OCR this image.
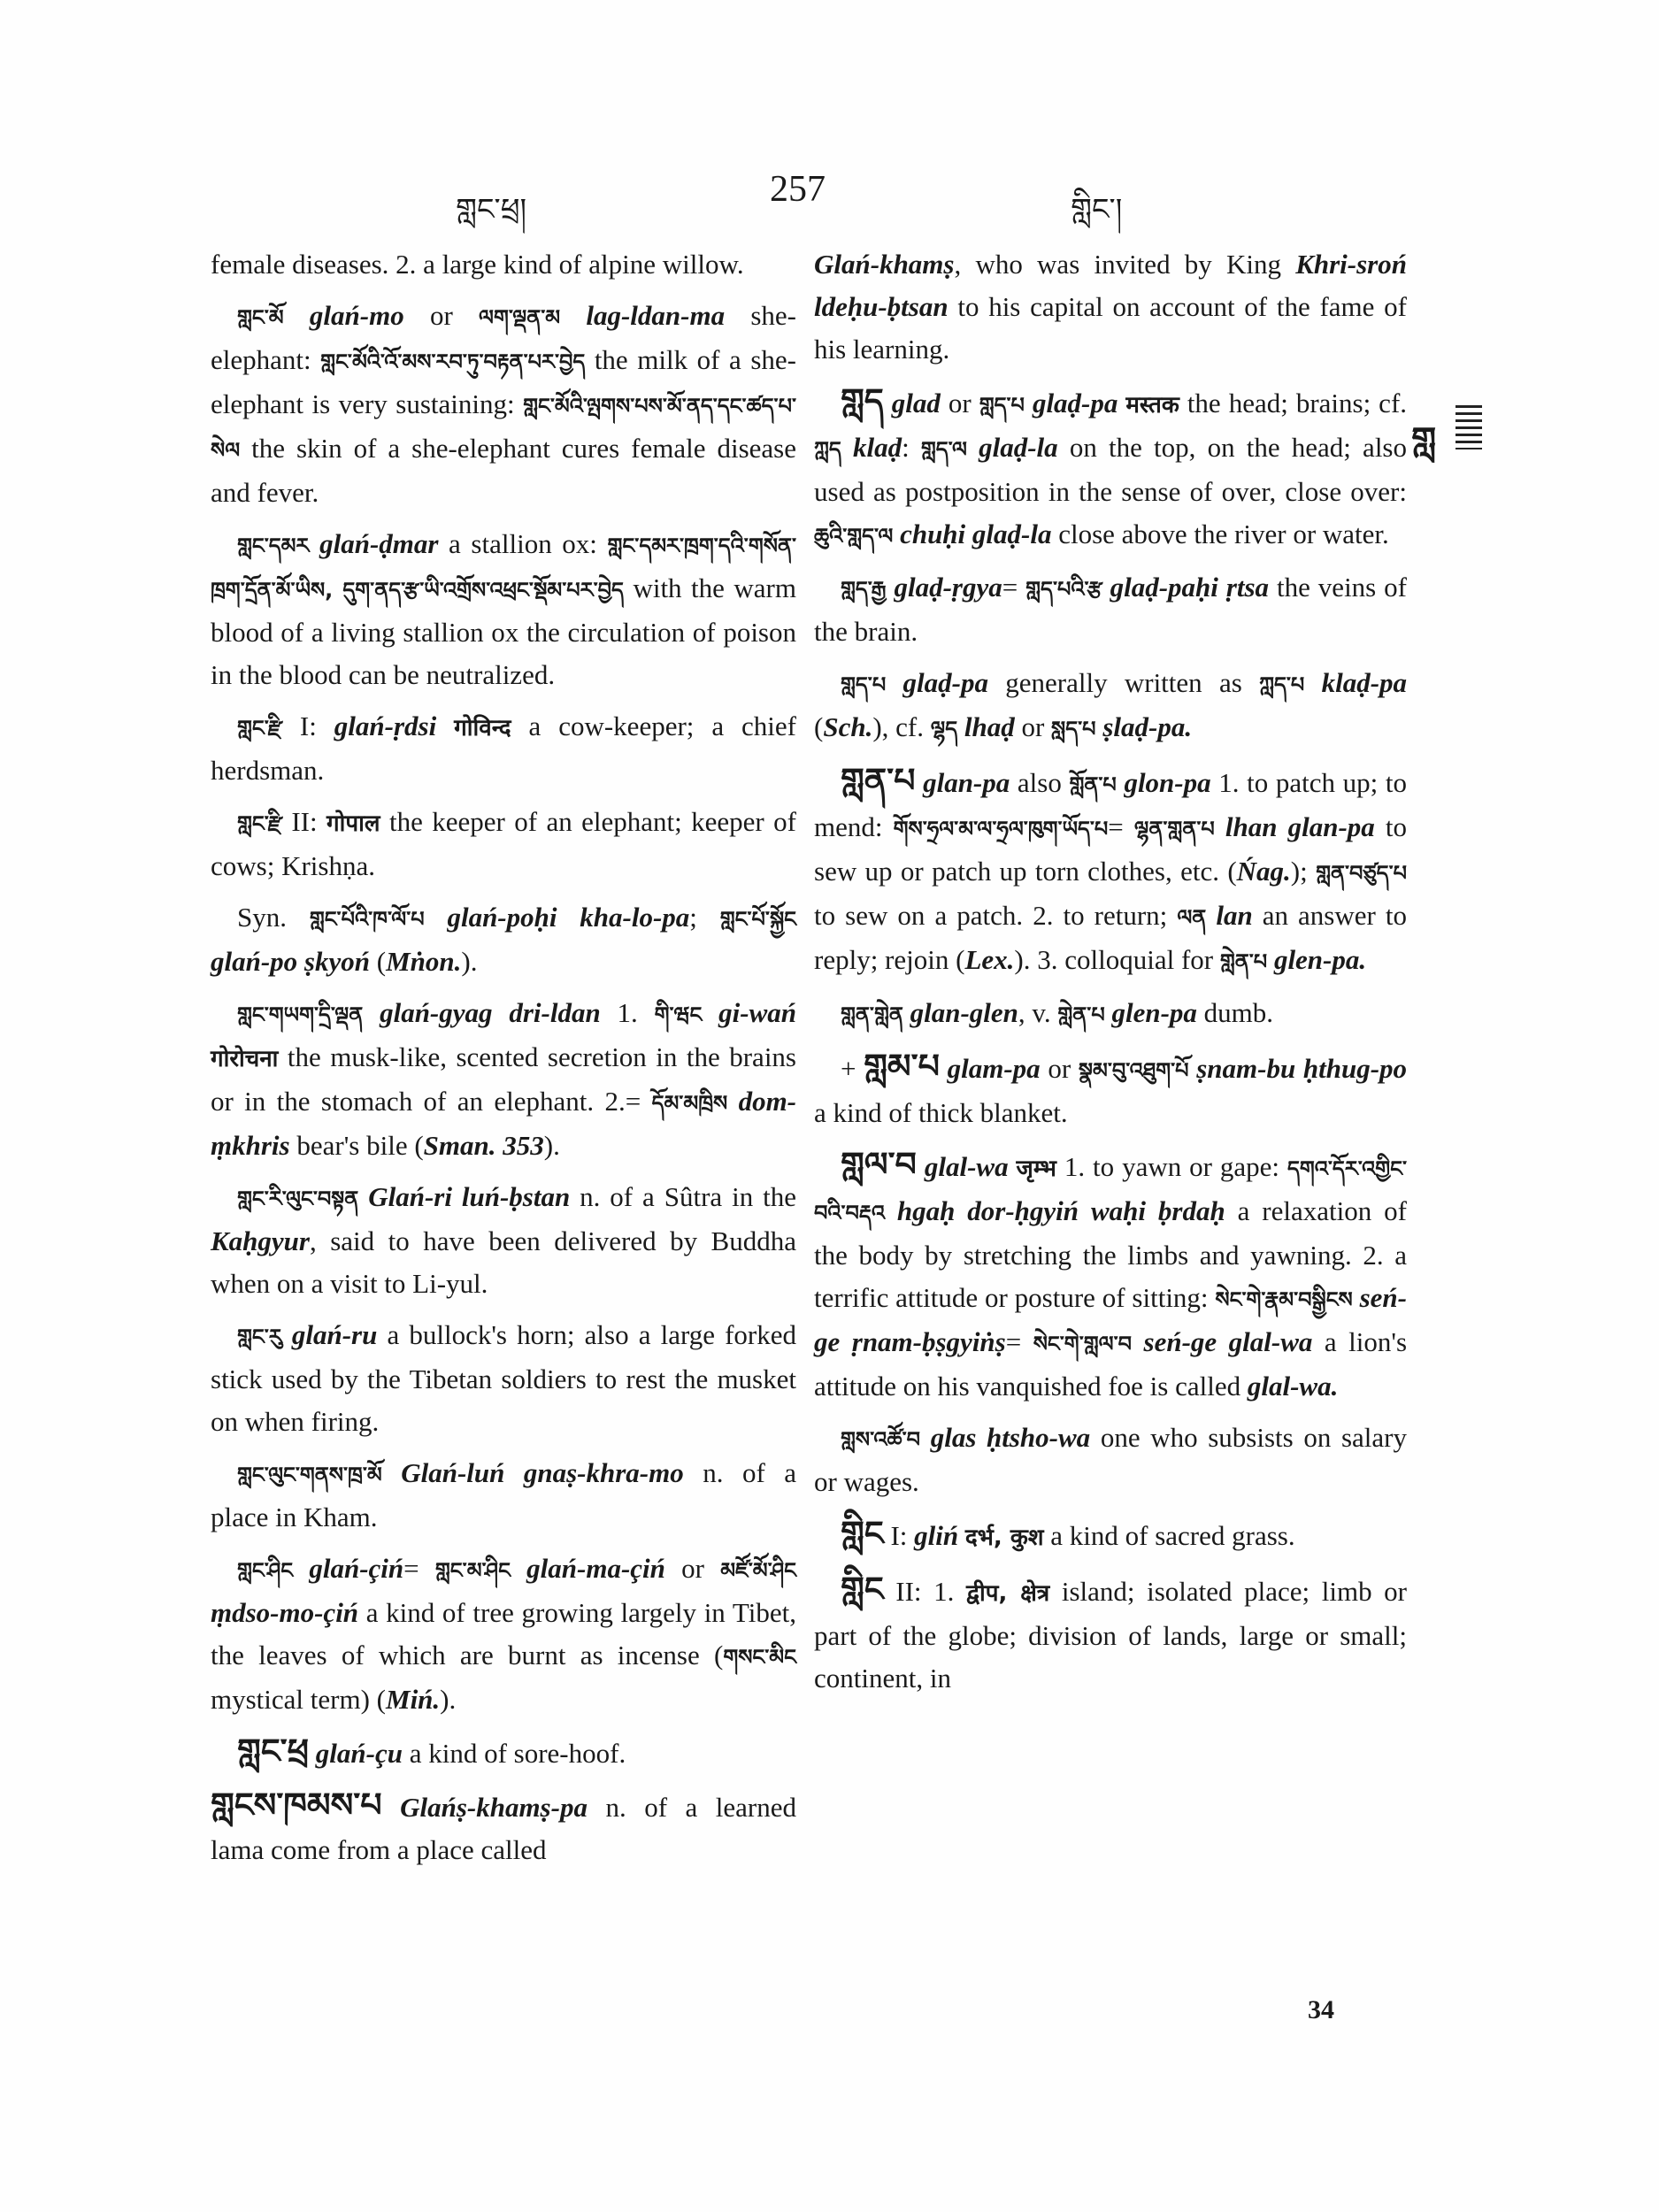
གླང་ཕྲ།	257	གླིང་།
གླ

female diseases. 2. a large kind of alpine willow.

གླང་མོ glań-mo or ལག་ལྡན་མ lag-ldan-ma she-elephant: གླང་མོའི་འོ་མས་རབ་ཏུ་བརྟན་པར་བྱེད the milk of a she-elephant is very sustaining: གླང་མོའི་ལྤགས་པས་མོ་ནད་དང་ཚད་པ་སེལ the skin of a she-elephant cures female disease and fever.

གླང་དམར glań-ḍmar a stallion ox: གླང་དམར་ཁྲག་དའི་གསོན་ཁྲག་དྲོན་མོ་ཡིས, དུག་ནད་རྩ་ཡི་འགྲོས་འཕྲང་སྡོམ་པར་བྱེད with the warm blood of a living stallion ox the circulation of poison in the blood can be neutralized.

གླང་རྫི I: glań-ṛdsi गोविन्द a cow-keeper; a chief herdsman.

གླང་རྫི II: गोपाल the keeper of an elephant; keeper of cows; Krishṇa.

Syn. གླང་པོའི་ཁ་ལོ་པ glań-poḥi kha-lo-pa; གླང་པོ་སྐྱོང glań-po ṣkyoń (Mṅon.).

གླང་གཡག་དྲི་ལྡན glań-gyag dri-ldan 1. གི་ཝང gi-wań गोरोचना the musk-like, scented secretion in the brains or in the stomach of an elephant. 2.= དོམ་མཁྲིས dom-ṃkhris bear's bile (Sman. 353).

གླང་རི་ལུང་བསྟན Glań-ri luń-ḅstan n. of a Sûtra in the Kaḥgyur, said to have been delivered by Buddha when on a visit to Li-yul.

གླང་རུ glań-ru a bullock's horn; also a large forked stick used by the Tibetan soldiers to rest the musket on when firing.

གླང་ལུང་གནས་ཁྲ་མོ Glań-luń gnaṣ-khra-mo n. of a place in Kham.

གླང་ཤིང glań-çiń= གླང་མ་ཤིང glań-ma-çiń or མཛོ་མོ་ཤིང ṃdso-mo-çiń a kind of tree growing largely in Tibet, the leaves of which are burnt as incense (གསང་མིང mystical term) (Miń.).

གླང་ཕྲ glań-çu a kind of sore-hoof.

གླངས་ཁམས་པ Glańṣ-khamṣ-pa n. of a learned lama come from a place called

Glań-khamṣ, who was invited by King Khri-sroń ldeḥu-ḅtsan to his capital on account of the fame of his learning.

གླད glad or གླད་པ glaḍ-pa मस्तक the head; brains; cf. ཀླད klaḍ: གླད་ལ glaḍ-la on the top, on the head; also used as postposition in the sense of over, close over: ཆུའི་གླད་ལ chuḥi glaḍ-la close above the river or water.

གླད་རྒྱ glaḍ-ṛgya= གླད་པའི་རྩ glaḍ-paḥi ṛtsa the veins of the brain.

གླད་པ glaḍ-pa generally written as ཀླད་པ klaḍ-pa (Sch.), cf. ལྷད lhaḍ or སླད་པ ṣlaḍ-pa.

གླན་པ glan-pa also གློན་པ glon-pa 1. to patch up; to mend: གོས་ཧྲལ་མ་ལ་ཧྲལ་ཁུག་ཡོད་པ= ལྷན་གླན་པ lhan glan-pa to sew up or patch up torn clothes, etc. (Ńag.); གླན་བཙུད་པ to sew on a patch. 2. to return; ལན lan an answer to reply; rejoin (Lex.). 3. colloquial for གླེན་པ glen-pa.

གླན་གླེན glan-glen, v. གླེན་པ glen-pa dumb.

+ གླམ་པ glam-pa or སྣམ་བུ་འཐུག་པོ ṣnam-bu ḥthug-po a kind of thick blanket.

གླལ་བ glal-wa जृम्भ 1. to yawn or gape: དགའ་དོར་འགྱིང་བའི་བརྡའ hgaḥ dor-ḥgyiń waḥi ḅrdaḥ a relaxation of the body by stretching the limbs and yawning. 2. a terrific attitude or posture of sitting: སེང་གེ་རྣམ་བསྒྱིངས seń-ge ṛnam-ḅṣgyiṅṣ= སེང་གེ་གླལ་བ seń-ge glal-wa a lion's attitude on his vanquished foe is called glal-wa.

གླས་འཚོ་བ glas ḥtsho-wa one who subsists on salary or wages.

གླིང I: gliń दर्भ, कुश a kind of sacred grass.

གླིང II: 1. द्वीप, क्षेत्र island; isolated place; limb or part of the globe; division of lands, large or small; continent, in

34
